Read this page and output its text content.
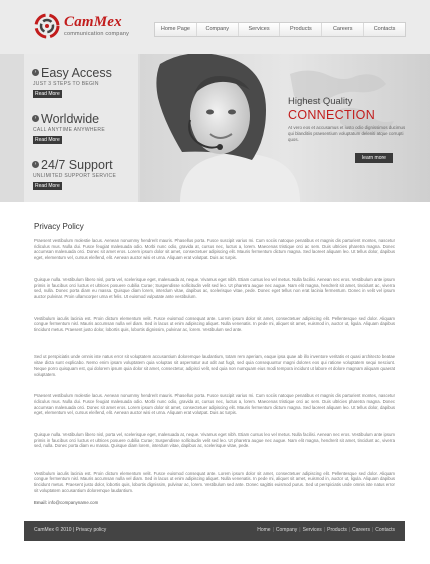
CamMex
communication company
Home Page	Company	Services	Products	Careers	Contacts
› Easy Access
JUST 3 STEPS TO BEGIN
Read More
› Worldwide
CALL ANYTIME ANYWHERE
Read More
› 24/7 Support
UNLIMITED SUPPORT SERVICE
Read More
Highest Quality
CONNECTION
At vero eos et accusamus et iusto odio dignissimos ducimus qui blanditiis praesentium voluptatum deleniti atque corrupti quos.
learn more
Privacy Policy

Praesent vestibulum molestie lacus. Aenean nonummy hendrerit mauris. Phasellus porta. Fusce suscipit varius mi. Cum sociis natoque penatibus et magnis dis parturient montes, nascetur ridiculus mus. Nulla dui. Fusce feugiat malesuada odio. Morbi nunc odio, gravida at, cursus nec, luctus a, lorem. Maecenas tristique orci ac sem. Duis ultricies pharetra magna. Donec accumsan malesuada orci. Donec sit amet eros. Lorem ipsum dolor sit amet, consectetuer adipiscing elit. Mauris fermentum dictum magna. Sed laoreet aliquam leo. Ut tellus dolor, dapibus eget, elementum vel, cursus eleifend, elit. Aenean auctor wisi et urna. Aliquam erat volutpat. Duis ac turpis.

Quisque nulla. Vestibulum libero nisl, porta vel, scelerisque eget, malesuada at, neque. Vivamus eget nibh. Etiam cursus leo vel metus. Nulla facilisi. Aenean nec eros. Vestibulum ante ipsum primis in faucibus orci luctus et ultrices posuere cubilia Curae; Suspendisse sollicitudin velit sed leo. Ut pharetra augue nec augue. Nam elit magna, hendrerit sit amet, tincidunt ac, viverra sed, nulla. Donec porta diam eu massa. Quisque diam lorem, interdum vitae, dapibus ac, scelerisque vitae, pede. Donec eget tellus non erat lacinia fermentum. Donec in velit vel ipsum auctor pulvinar. Proin ullamcorper urna et felis. Ut euismod vulputate ante vestibulum.

Vestibulum iaculis lacinia est. Proin dictum elementum velit. Fusce euismod consequat ante. Lorem ipsum dolor sit amet, consectetuer adipiscing elit. Pellentesque sed dolor. Aliquam congue fermentum nisl. Mauris accumsan nulla vel diam. Sed in lacus ut enim adipiscing aliquet. Nulla venenatis. In pede mi, aliquet sit amet, euismod in, auctor ut, ligula. Aliquam dapibus tincidunt metus. Praesent justo dolor, lobortis quis, lobortis dignissim, pulvinar ac, lorem. Vestibulum sed ante.

Sed ut perspiciatis unde omnis iste natus error sit voluptatem accusantium doloremque laudantium, totam rem aperiam, eaque ipsa quae ab illo inventore veritatis et quasi architecto beatae vitae dicta sunt explicabo. Nemo enim ipsam voluptatem quia voluptas sit aspernatur aut odit aut fugit, sed quia consequuntur magni dolores eos qui ratione voluptatem sequi nesciunt. Neque porro quisquam est, qui dolorem ipsum quia dolor sit amet, consectetur, adipisci velit, sed quia non numquam eius modi tempora incidunt ut labore et dolore magnam aliquam quaerat voluptatem.

Praesent vestibulum molestie lacus. Aenean nonummy hendrerit mauris. Phasellus porta. Fusce suscipit varius mi. Cum sociis natoque penatibus et magnis dis parturient montes, nascetur ridiculus mus. Nulla dui. Fusce feugiat malesuada odio. Morbi nunc odio, gravida at, cursus nec, luctus a, lorem. Maecenas tristique orci ac sem. Duis ultricies pharetra magna. Donec accumsan malesuada orci. Donec sit amet eros. Lorem ipsum dolor sit amet, consectetuer adipiscing elit. Mauris fermentum dictum magna. Sed laoreet aliquam leo. Ut tellus dolor, dapibus eget, elementum vel, cursus eleifend, elit. Aenean auctor wisi et urna. Aliquam erat volutpat. Duis ac turpis.

Quisque nulla. Vestibulum libero nisl, porta vel, scelerisque eget, malesuada at, neque. Vivamus eget nibh. Etiam cursus leo vel metus. Nulla facilisi. Aenean nec eros. Vestibulum ante ipsum primis in faucibus orci luctus et ultrices posuere cubilia Curae; Suspendisse sollicitudin velit sed leo. Ut pharetra augue nec augue. Nam elit magna, hendrerit sit amet, tincidunt ac, viverra sed, nulla. Donec porta diam eu massa. Quisque diam lorem, interdum vitae, dapibus ac, scelerisque vitae, pede.

Vestibulum iaculis lacinia est. Proin dictum elementum velit. Fusce euismod consequat ante. Lorem ipsum dolor sit amet, consectetuer adipiscing elit. Pellentesque sed dolor. Aliquam congue fermentum nisl. Mauris accumsan nulla vel diam. Sed in lacus ut enim adipiscing aliquet. Nulla venenatis. In pede mi, aliquet sit amet, euismod in, auctor ut, ligula. Aliquam dapibus tincidunt metus. Praesent justo dolor, lobortis quis, lobortis dignissim, pulvinar ac, lorem. Vestibulum sed ante. Donec sagittis euismod purus. Sed ut perspiciatis unde omnis iste natus error sit voluptatem accusantium doloremque laudantium.

Email: info@companyname.com
CamMex © 2010 | Privacy policy	Home | Company | Services | Products | Careers | Contacts
